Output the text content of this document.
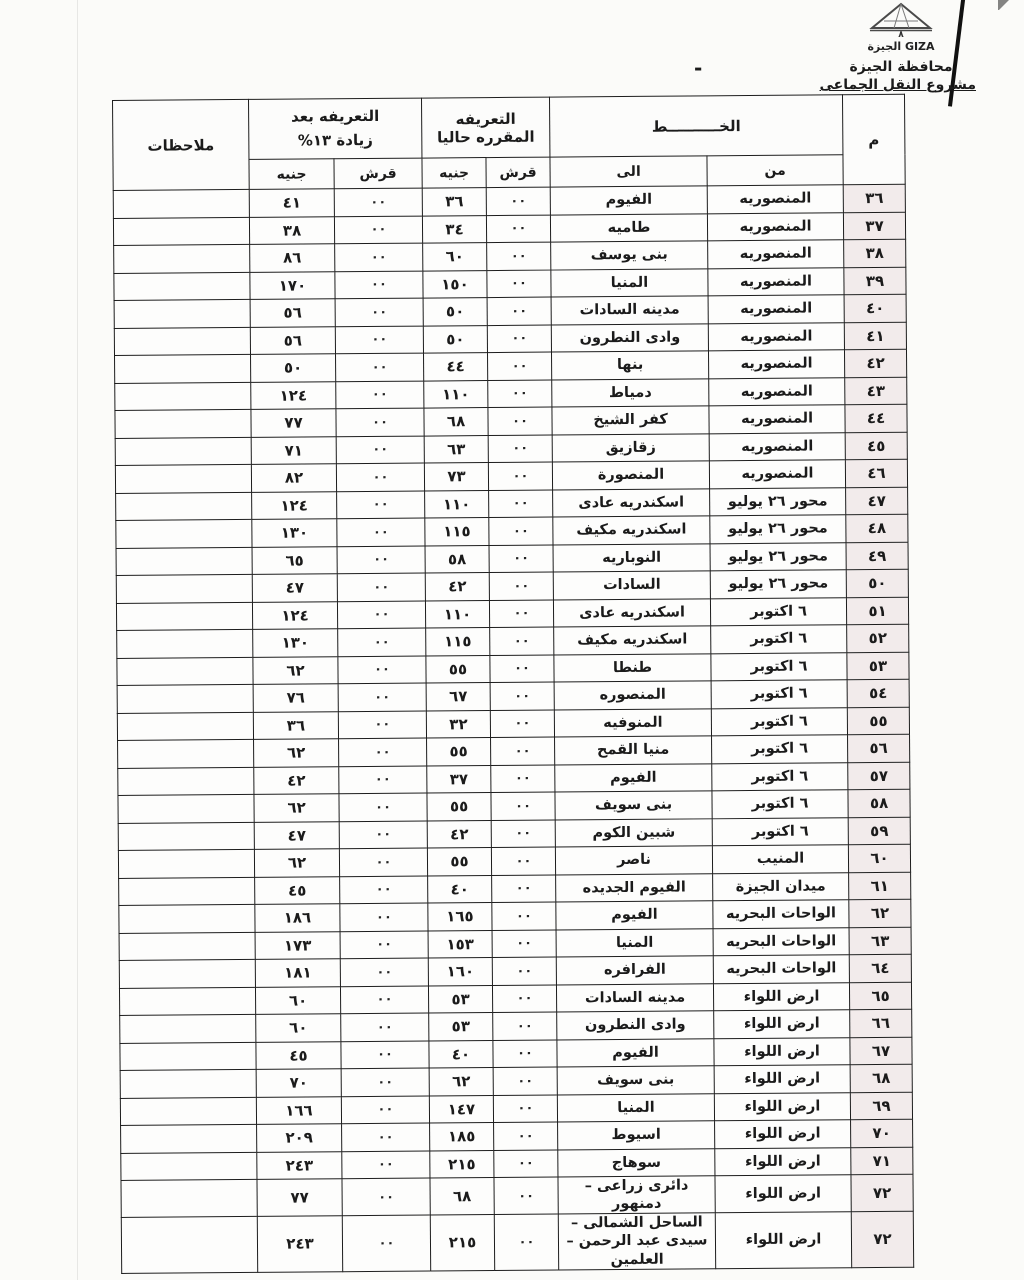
٨
الجيزة GIZA
محافظة الجيزة
مشروع النقل الجماعى
-
م	الخــــــــــط		التعريفه المقرره حاليا		التعريفه بعد
زيادة ١٣%		ملاحظات
	من	الى	قرش	جنيه	قرش	جنيه	
٣٦	المنصوريه	الفيوم	٠٠	٣٦	٠٠	٤١	
٣٧	المنصوريه	طاميه	٠٠	٣٤	٠٠	٣٨	
٣٨	المنصوريه	بنى يوسف	٠٠	٦٠	٠٠	٨٦	
٣٩	المنصوريه	المنيا	٠٠	١٥٠	٠٠	١٧٠	
٤٠	المنصوريه	مدينه السادات	٠٠	٥٠	٠٠	٥٦	
٤١	المنصوريه	وادى النطرون	٠٠	٥٠	٠٠	٥٦	
٤٢	المنصوريه	بنها	٠٠	٤٤	٠٠	٥٠	
٤٣	المنصوريه	دمياط	٠٠	١١٠	٠٠	١٢٤	
٤٤	المنصوريه	كفر الشيخ	٠٠	٦٨	٠٠	٧٧	
٤٥	المنصوريه	زقازيق	٠٠	٦٣	٠٠	٧١	
٤٦	المنصوريه	المنصورة	٠٠	٧٣	٠٠	٨٢	
٤٧	محور ٢٦ يوليو	اسكندريه عادى	٠٠	١١٠	٠٠	١٢٤	
٤٨	محور ٢٦ يوليو	اسكندريه مكيف	٠٠	١١٥	٠٠	١٣٠	
٤٩	محور ٢٦ يوليو	النوباريه	٠٠	٥٨	٠٠	٦٥	
٥٠	محور ٢٦ يوليو	السادات	٠٠	٤٢	٠٠	٤٧	
٥١	٦ اكتوبر	اسكندريه عادى	٠٠	١١٠	٠٠	١٢٤	
٥٢	٦ اكتوبر	اسكندريه مكيف	٠٠	١١٥	٠٠	١٣٠	
٥٣	٦ اكتوبر	طنطا	٠٠	٥٥	٠٠	٦٢	
٥٤	٦ اكتوبر	المنصوره	٠٠	٦٧	٠٠	٧٦	
٥٥	٦ اكتوبر	المنوفيه	٠٠	٣٢	٠٠	٣٦	
٥٦	٦ اكتوبر	منيا القمح	٠٠	٥٥	٠٠	٦٢	
٥٧	٦ اكتوبر	الفيوم	٠٠	٣٧	٠٠	٤٢	
٥٨	٦ اكتوبر	بنى سويف	٠٠	٥٥	٠٠	٦٢	
٥٩	٦ اكتوبر	شبين الكوم	٠٠	٤٢	٠٠	٤٧	
٦٠	المنيب	ناصر	٠٠	٥٥	٠٠	٦٢	
٦١	ميدان الجيزة	الفيوم الجديده	٠٠	٤٠	٠٠	٤٥	
٦٢	الواحات البحريه	الفيوم	٠٠	١٦٥	٠٠	١٨٦	
٦٣	الواحات البحريه	المنيا	٠٠	١٥٣	٠٠	١٧٣	
٦٤	الواحات البحريه	الفرافره	٠٠	١٦٠	٠٠	١٨١	
٦٥	ارض اللواء	مدينه السادات	٠٠	٥٣	٠٠	٦٠	
٦٦	ارض اللواء	وادى النطرون	٠٠	٥٣	٠٠	٦٠	
٦٧	ارض اللواء	الفيوم	٠٠	٤٠	٠٠	٤٥	
٦٨	ارض اللواء	بنى سويف	٠٠	٦٢	٠٠	٧٠	
٦٩	ارض اللواء	المنيا	٠٠	١٤٧	٠٠	١٦٦	
٧٠	ارض اللواء	اسيوط	٠٠	١٨٥	٠٠	٢٠٩	
٧١	ارض اللواء	سوهاج	٠٠	٢١٥	٠٠	٢٤٣	
٧٢	ارض اللواء	دائرى زراعى – دمنهور	٠٠	٦٨	٠٠	٧٧	
٧٢	ارض اللواء	الساحل الشمالى –سيدى عبد الرحمن – العلمين	٠٠	٢١٥	٠٠	٢٤٣	
